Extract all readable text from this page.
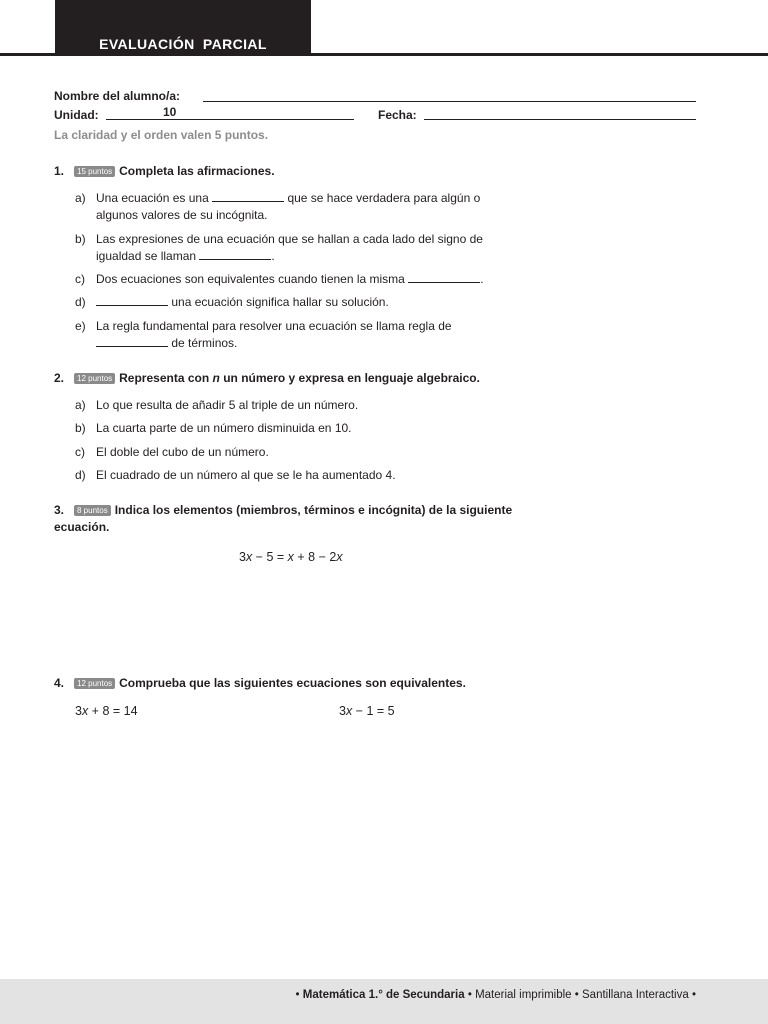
EVALUACIÓN PARCIAL
Nombre del alumno/a:
Unidad:	10	Fecha:
La claridad y el orden valen 5 puntos.
1. 15 puntos Completa las afirmaciones.
a) Una ecuación es una	que se hace verdadera para algún o algunos valores de su incógnita.
b) Las expresiones de una ecuación que se hallan a cada lado del signo de igualdad se llaman	.
c) Dos ecuaciones son equivalentes cuando tienen la misma	.
d)	una ecuación significa hallar su solución.
e) La regla fundamental para resolver una ecuación se llama regla de  de términos.
2. 12 puntos Representa con n un número y expresa en lenguaje algebraico.
a) Lo que resulta de añadir 5 al triple de un número.
b) La cuarta parte de un número disminuida en 10.
c) El doble del cubo de un número.
d) El cuadrado de un número al que se le ha aumentado 4.
3. 8 puntos Indica los elementos (miembros, términos e incógnita) de la siguiente ecuación.
3x − 5 = x + 8 − 2x
4. 12 puntos Comprueba que las siguientes ecuaciones son equivalentes.
3x + 8 = 14	3x − 1 = 5
• Matemática 1.° de Secundaria • Material imprimible • Santillana Interactiva •
